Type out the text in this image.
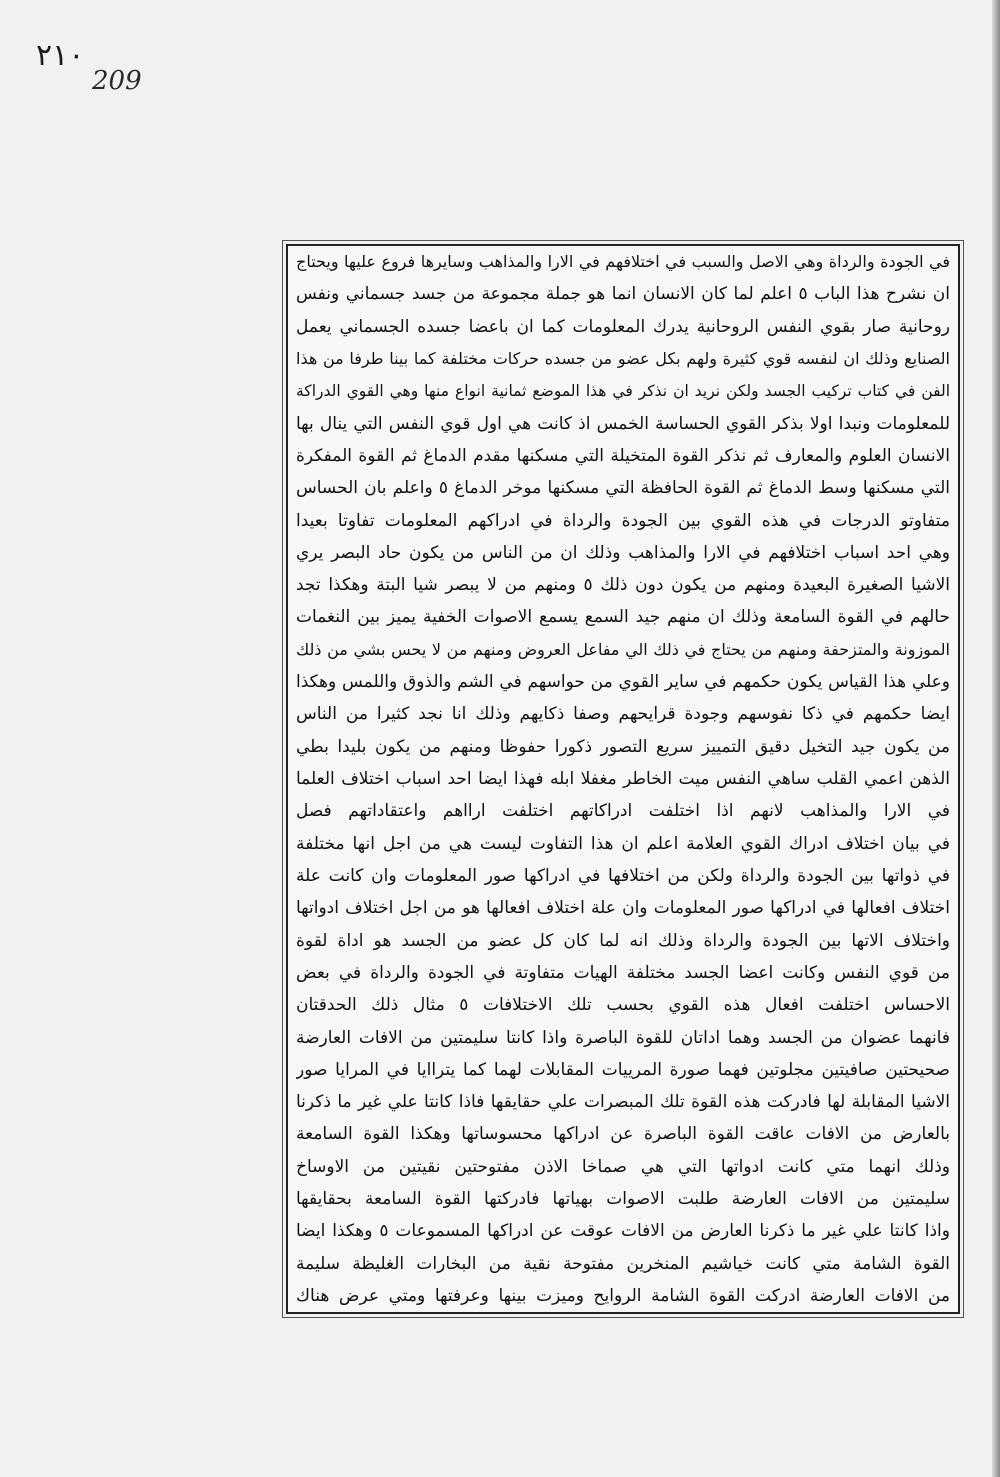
٢١٠
209
في الجودة والرداة وهي الاصل والسبب في اختلافهم في الارا والمذاهب وسايرها فروع عليها ويحتاج
ان نشرح هذا الباب ٥ اعلم لما كان الانسان انما هو جملة مجموعة من جسد جسماني ونفس
روحانية صار بقوي النفس الروحانية يدرك المعلومات كما ان باعضا جسده الجسماني يعمل
الصنايع وذلك ان لنفسه قوي كثيرة ولهم بكل عضو من جسده حركات مختلفة كما بينا طرفا من هذا
الفن في كتاب تركيب الجسد ولكن نريد ان نذكر في هذا الموضع ثمانية انواع منها وهي القوي الدراكة
للمعلومات ونبدا اولا بذكر القوي الحساسة الخمس اذ كانت هي اول قوي النفس التي ينال بها
الانسان العلوم والمعارف ثم نذكر القوة المتخيلة التي مسكنها مقدم الدماغ ثم القوة المفكرة
التي مسكنها وسط الدماغ ثم القوة الحافظة التي مسكنها موخر الدماغ ٥ واعلم بان الحساس
متفاوتو الدرجات في هذه القوي بين الجودة والرداة في ادراكهم المعلومات تفاوتا بعيدا
وهي احد اسباب اختلافهم في الارا والمذاهب وذلك ان من الناس من يكون حاد البصر يري
الاشيا الصغيرة البعيدة ومنهم من يكون دون ذلك ٥ ومنهم من لا يبصر شيا البتة وهكذا تجد
حالهم في القوة السامعة وذلك ان منهم جيد السمع يسمع الاصوات الخفية يميز بين النغمات
الموزونة والمتزحفة ومنهم من يحتاج في ذلك الي مفاعل العروض ومنهم من لا يحس بشي من ذلك
وعلي هذا القياس يكون حكمهم في ساير القوي من حواسهم في الشم والذوق واللمس وهكذا
ايضا حكمهم في ذكا نفوسهم وجودة قرايحهم وصفا ذكايهم وذلك انا نجد كثيرا من الناس
من يكون جيد التخيل دقيق التمييز سريع التصور ذكورا حفوظا ومنهم من يكون بليدا بطي
الذهن اعمي القلب ساهي النفس ميت الخاطر مغفلا ابله فهذا ايضا احد اسباب اختلاف العلما
في الارا والمذاهب لانهم اذا اختلفت ادراكاتهم اختلفت ارااهم واعتقاداتهم فصل
في بيان اختلاف ادراك القوي العلامة اعلم ان هذا التفاوت ليست هي من اجل انها مختلفة
في ذواتها بين الجودة والرداة ولكن من اختلافها في ادراكها صور المعلومات وان كانت علة
اختلاف افعالها في ادراكها صور المعلومات وان علة اختلاف افعالها هو من اجل اختلاف ادواتها
واختلاف الاتها بين الجودة والرداة وذلك انه لما كان كل عضو من الجسد هو اداة لقوة
من قوي النفس وكانت اعضا الجسد مختلفة الهيات متفاوتة في الجودة والرداة في بعض
الاحساس اختلفت افعال هذه القوي بحسب تلك الاختلافات ٥ مثال ذلك الحدقتان
فانهما عضوان من الجسد وهما اداتان للقوة الباصرة واذا كانتا سليمتين من الافات العارضة
صحيحتين صافيتين مجلوتين فهما صورة المرييات المقابلات لهما كما يتراايا في المرايا صور
الاشيا المقابلة لها فادركت هذه القوة تلك المبصرات علي حقايقها فاذا كانتا علي غير ما ذكرنا
بالعارض من الافات عاقت القوة الباصرة عن ادراكها محسوساتها وهكذا القوة السامعة
وذلك انهما متي كانت ادواتها التي هي صماخا الاذن مفتوحتين نقيتين من الاوساخ
سليمتين من الافات العارضة طلبت الاصوات بهياتها فادركتها القوة السامعة بحقايقها
واذا كانتا علي غير ما ذكرنا العارض من الافات عوقت عن ادراكها المسموعات ٥ وهكذا ايضا
القوة الشامة متي كانت خياشيم المنخرين مفتوحة نقية من البخارات الغليظة سليمة
من الافات العارضة ادركت القوة الشامة الروايح وميزت بينها وعرفتها ومتي عرض هناك
